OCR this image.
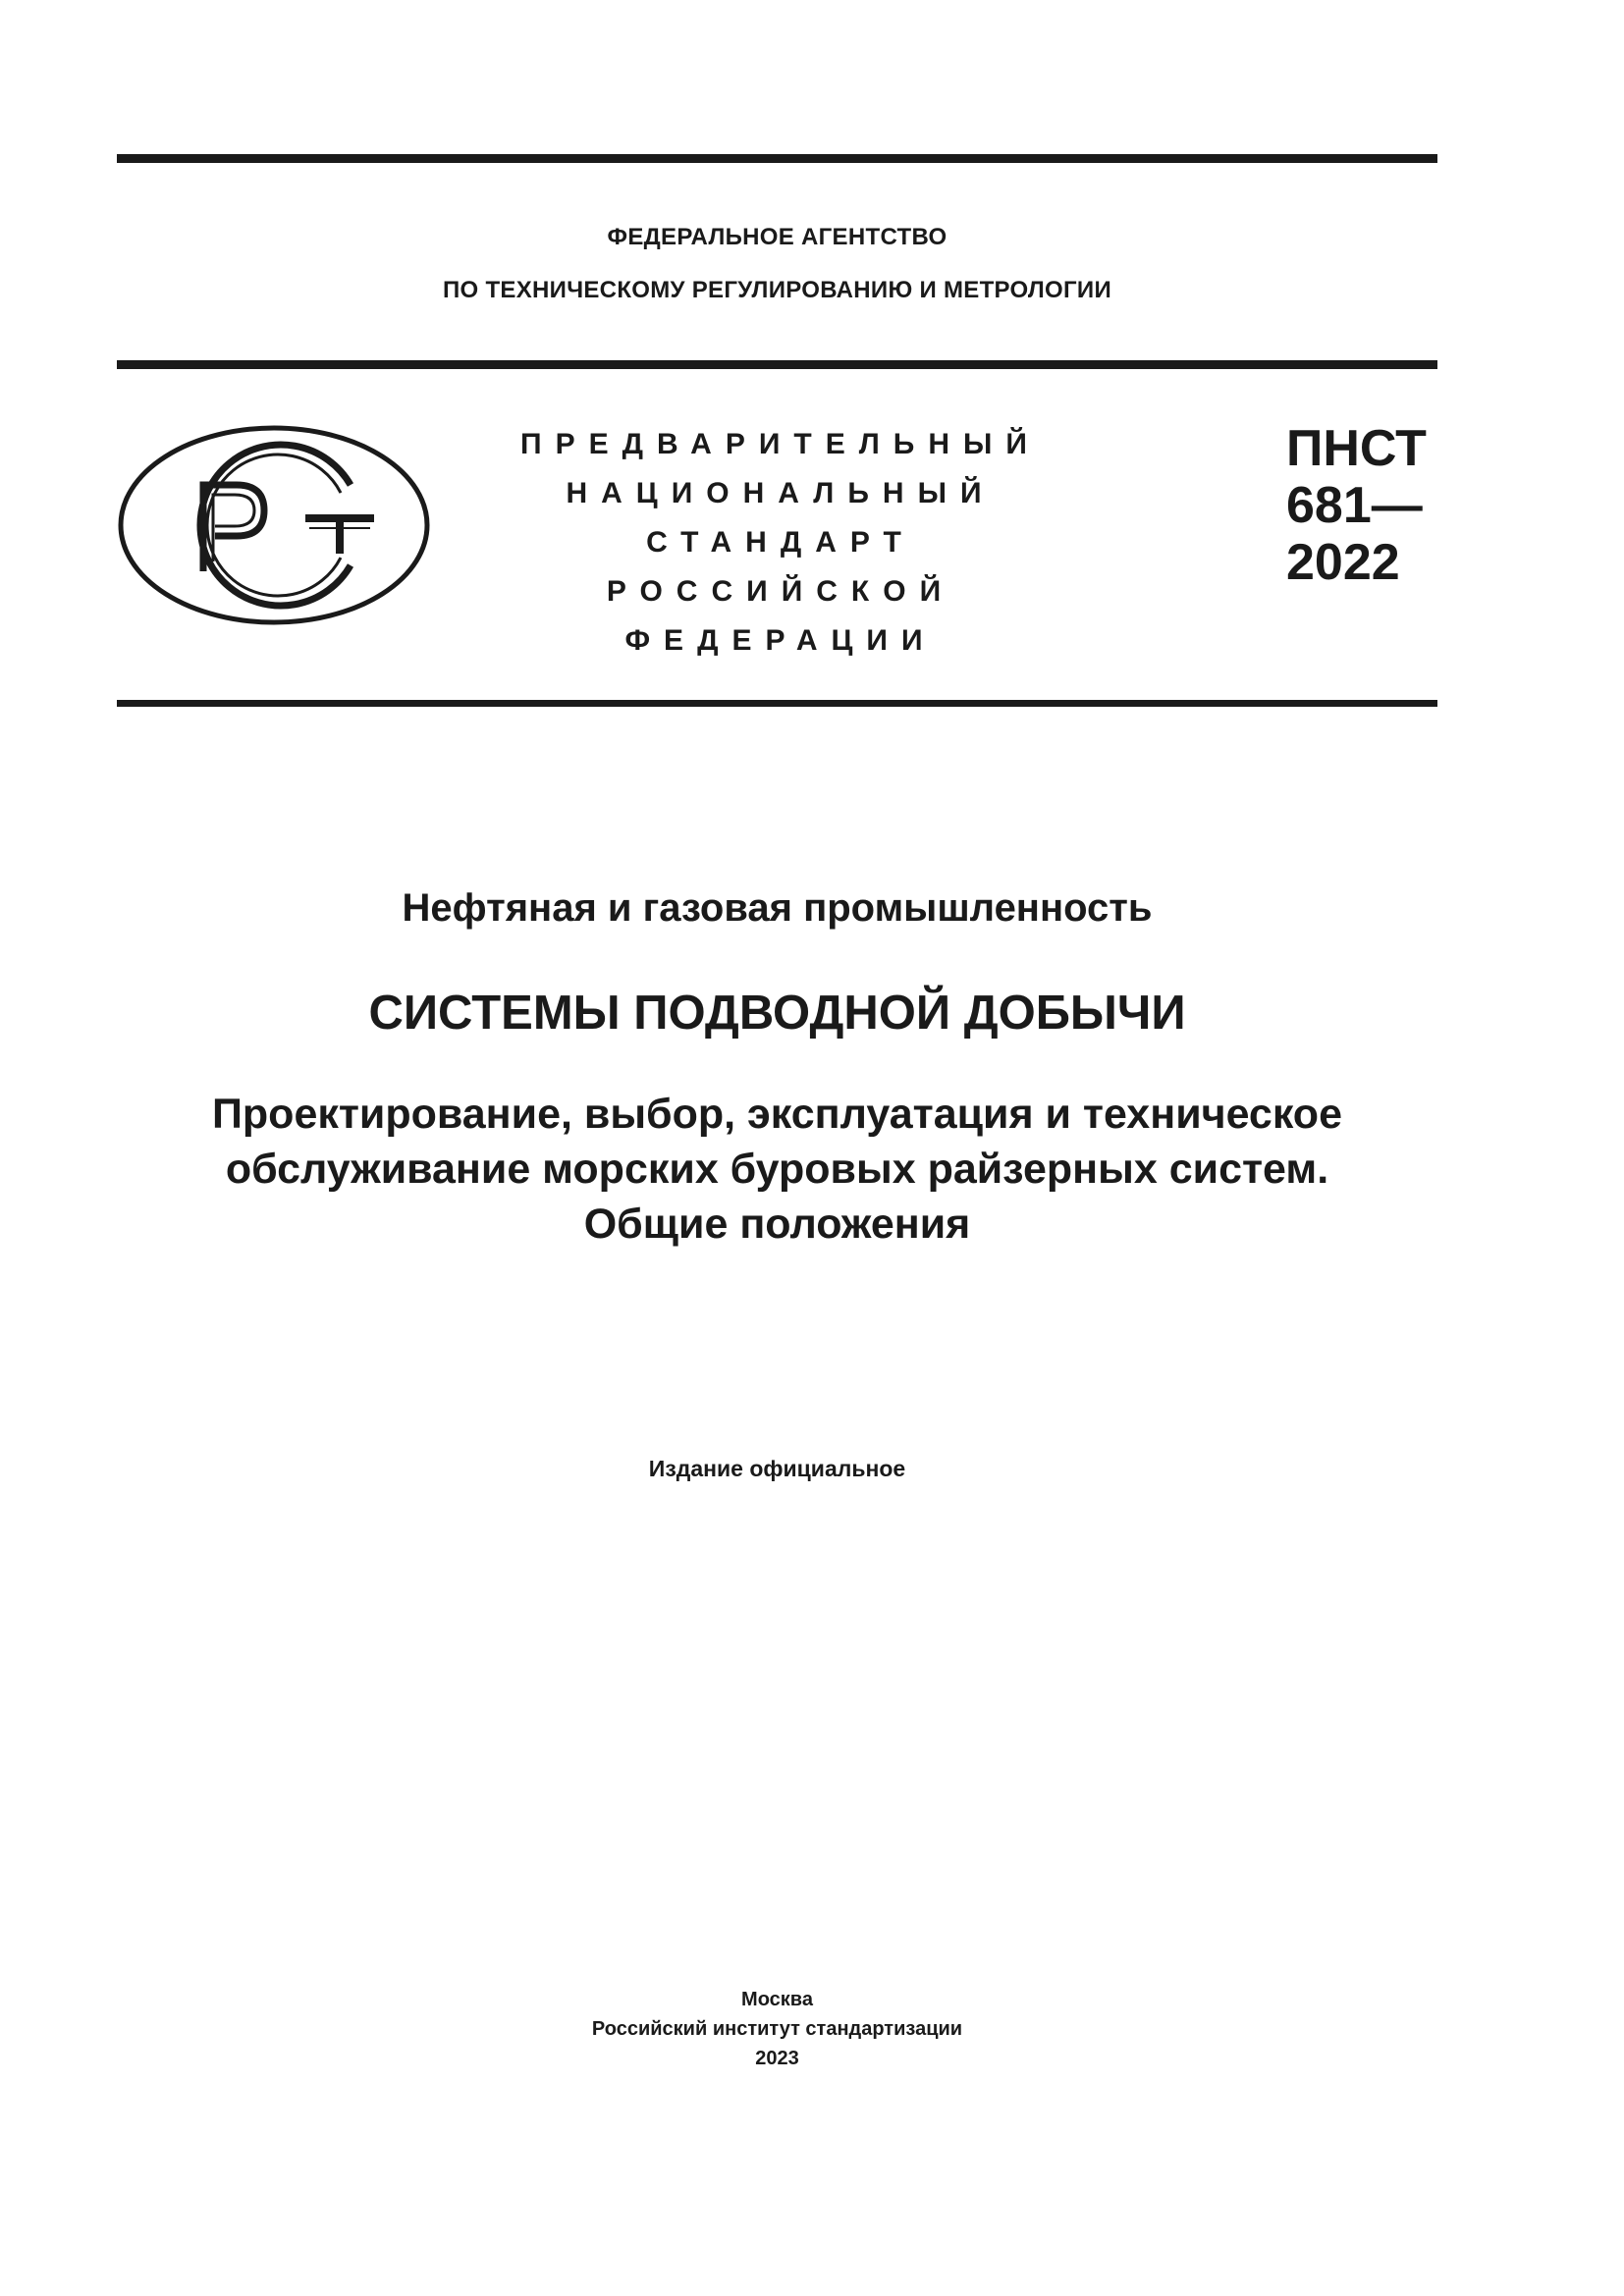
ФЕДЕРАЛЬНОЕ АГЕНТСТВО
ПО ТЕХНИЧЕСКОМУ РЕГУЛИРОВАНИЮ И МЕТРОЛОГИИ
ПРЕДВАРИТЕЛЬНЫЙ
НАЦИОНАЛЬНЫЙ
СТАНДАРТ
РОССИЙСКОЙ
ФЕДЕРАЦИИ
ПНСТ
681—
2022
Нефтяная и газовая промышленность
СИСТЕМЫ ПОДВОДНОЙ ДОБЫЧИ
Проектирование, выбор, эксплуатация и техническое
обслуживание морских буровых райзерных систем.
Общие положения
Издание официальное
Москва
Российский институт стандартизации
2023
